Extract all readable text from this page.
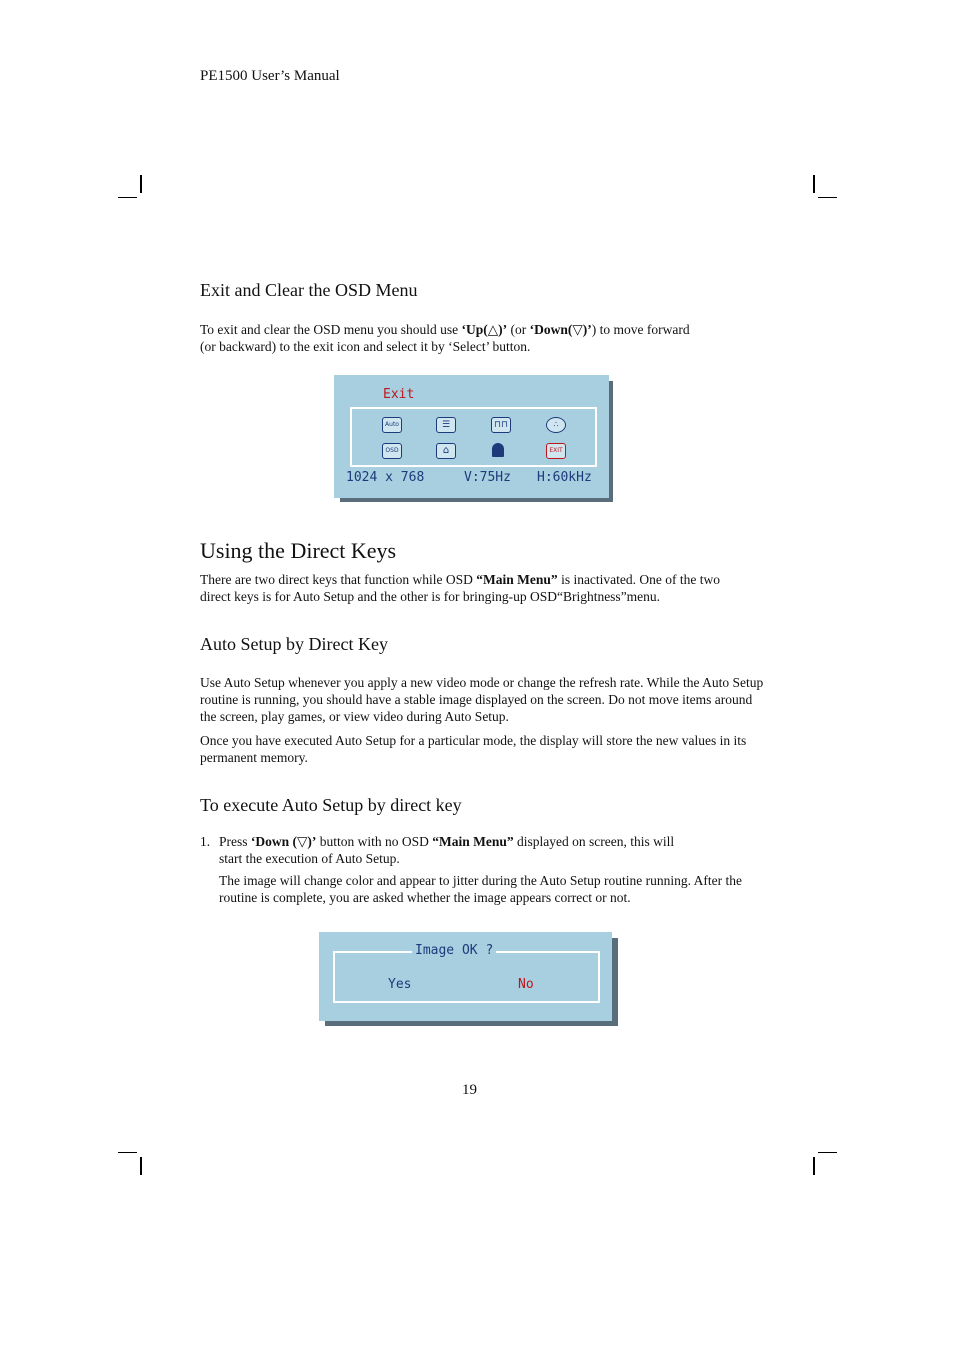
PE1500 User’s Manual
Exit and Clear the OSD Menu
To exit and clear the OSD menu you should use ‘Up(△)’ (or ‘Down(▽)’) to move forward
(or backward) to the exit icon and select it by ‘Select’ button.
Exit
Auto	☰	⊓⊓	∴
OSD	⌂	EXIT
1024 x 768	V:75Hz H:60kHz
Using the Direct Keys
There are two direct keys that function while OSD “Main Menu” is inactivated. One of the two
direct keys is for Auto Setup and the other is for bringing-up OSD“Brightness”menu.
Auto Setup by Direct Key
Use Auto Setup whenever you apply a new video mode or change the refresh rate. While the Auto Setup routine is running, you should have a stable image displayed on the screen. Do not move items around the screen, play games, or view video during Auto Setup.
Once you have executed Auto Setup for a particular mode, the display will store the new values in its permanent memory.
To execute Auto Setup by direct key
1. Press ‘Down (▽)’ button with no OSD “Main Menu” displayed on screen, this will
start the execution of Auto Setup.
The image will change color and appear to jitter during the Auto Setup routine running. After the routine is complete, you are asked whether the image appears correct or not.
Image OK ?
Yes	No
19
